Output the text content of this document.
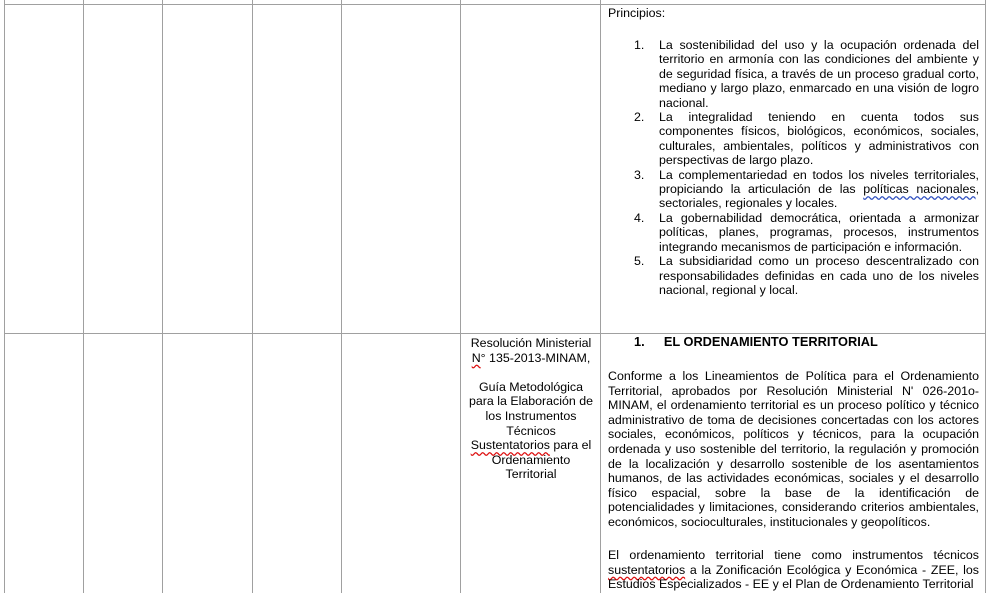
Principios:
1. La sostenibilidad del uso y la ocupación ordenada del territorio en armonía con las condiciones del ambiente y de seguridad física, a través de un proceso gradual corto, mediano y largo plazo, enmarcado en una visión de logro nacional.
2. La integralidad teniendo en cuenta todos sus componentes físicos, biológicos, económicos, sociales, culturales, ambientales, políticos y administrativos con perspectivas de largo plazo.
3. La complementariedad en todos los niveles territoriales, propiciando la articulación de las políticas nacionales, sectoriales, regionales y locales.
4. La gobernabilidad democrática, orientada a armonizar políticas, planes, programas, procesos, instrumentos integrando mecanismos de participación e información.
5. La subsidiaridad como un proceso descentralizado con responsabilidades definidas en cada uno de los niveles nacional, regional y local.
Resolución Ministerial
N° 135-2013-MINAM,
Guía Metodológica para la Elaboración de los Instrumentos Técnicos Sustentatorios para el Ordenamiento Territorial
1. EL ORDENAMIENTO TERRITORIAL
Conforme a los Lineamientos de Política para el Ordenamiento Territorial, aprobados por Resolución Ministerial N' 026-201o-MINAM, el ordenamiento territorial es un proceso político y técnico administrativo de toma de decisiones concertadas con los actores sociales, económicos, políticos y técnicos, para la ocupación ordenada y uso sostenible del territorio, la regulación y promoción de la localización y desarrollo sostenible de los asentamientos humanos, de las actividades económicas, sociales y el desarrollo físico espacial, sobre la base de la identificación de potencialidades y limitaciones, considerando criterios ambientales, económicos, socioculturales, institucionales y geopolíticos.
El ordenamiento territorial tiene como instrumentos técnicos sustentatorios a la Zonificación Ecológica y Económica - ZEE, los Estudios Especializados - EE y el Plan de Ordenamiento Territorial
